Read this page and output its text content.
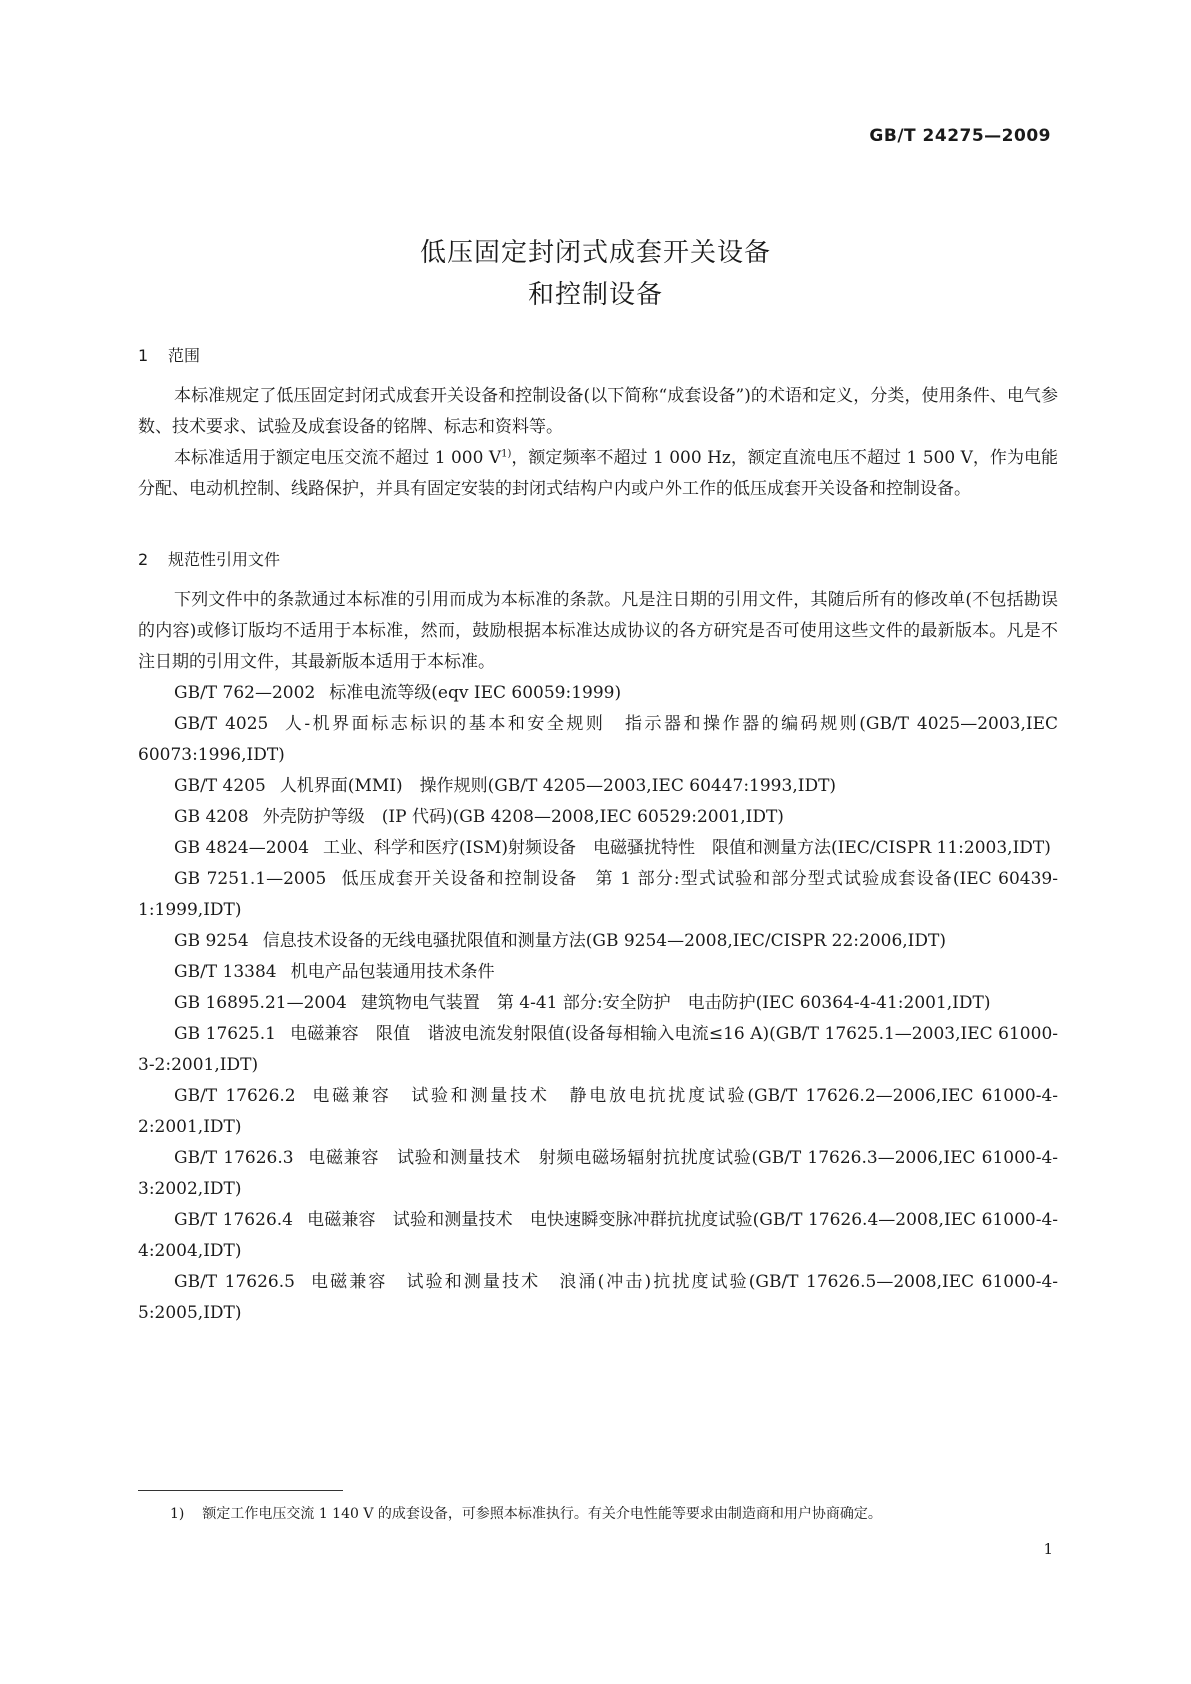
GB/T 24275—2009
低压固定封闭式成套开关设备
和控制设备
1 范围

本标准规定了低压固定封闭式成套开关设备和控制设备(以下简称“成套设备”)的术语和定义，分类，使用条件、电气参数、技术要求、试验及成套设备的铭牌、标志和资料等。

本标准适用于额定电压交流不超过 1 000 $V^{1)}$，额定频率不超过 1 000 Hz，额定直流电压不超过 1 500 V，作为电能分配、电动机控制、线路保护，并具有固定安装的封闭式结构户内或户外工作的低压成套开关设备和控制设备。

2 规范性引用文件

下列文件中的条款通过本标准的引用而成为本标准的条款。凡是注日期的引用文件，其随后所有的修改单(不包括勘误的内容)或修订版均不适用于本标准，然而，鼓励根据本标准达成协议的各方研究是否可使用这些文件的最新版本。凡是不注日期的引用文件，其最新版本适用于本标准。

GB/T 762—2002 标准电流等级(eqv IEC 60059:1999)

GB/T 4025 人-机界面标志标识的基本和安全规则　指示器和操作器的编码规则(GB/T 4025—2003,IEC 60073:1996,IDT)

GB/T 4205 人机界面(MMI)　操作规则(GB/T 4205—2003,IEC 60447:1993,IDT)

GB 4208 外壳防护等级　(IP 代码)(GB 4208—2008,IEC 60529:2001,IDT)

GB 4824—2004 工业、科学和医疗(ISM)射频设备　电磁骚扰特性　限值和测量方法(IEC/CISPR 11:2003,IDT)

GB 7251.1—2005 低压成套开关设备和控制设备　第 1 部分:型式试验和部分型式试验成套设备(IEC 60439-1:1999,IDT)

GB 9254 信息技术设备的无线电骚扰限值和测量方法(GB 9254—2008,IEC/CISPR 22:2006,IDT)

GB/T 13384 机电产品包装通用技术条件

GB 16895.21—2004 建筑物电气装置　第 4-41 部分:安全防护　电击防护(IEC 60364-4-41:2001,IDT)

GB 17625.1 电磁兼容　限值　谐波电流发射限值(设备每相输入电流≤16 A)(GB/T 17625.1—2003,IEC 61000-3-2:2001,IDT)

GB/T 17626.2 电磁兼容　试验和测量技术　静电放电抗扰度试验(GB/T 17626.2—2006,IEC 61000-4-2:2001,IDT)

GB/T 17626.3 电磁兼容　试验和测量技术　射频电磁场辐射抗扰度试验(GB/T 17626.3—2006,IEC 61000-4-3:2002,IDT)

GB/T 17626.4 电磁兼容　试验和测量技术　电快速瞬变脉冲群抗扰度试验(GB/T 17626.4—2008,IEC 61000-4-4:2004,IDT)

GB/T 17626.5 电磁兼容　试验和测量技术　浪涌(冲击)抗扰度试验(GB/T 17626.5—2008,IEC 61000-4-5:2005,IDT)

1) 额定工作电压交流 1 140 V 的成套设备，可参照本标准执行。有关介电性能等要求由制造商和用户协商确定。
1
